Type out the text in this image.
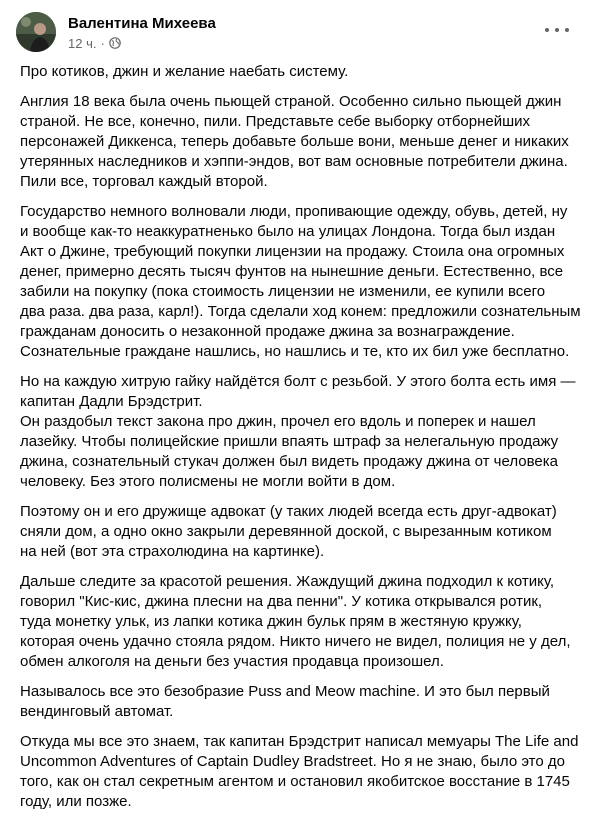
Валентина Михеева
12 ч. ·
Про котиков, джин и желание наебать систему.
Англия 18 века была очень пьющей страной. Особенно сильно пьющей джин
страной. Не все, конечно, пили. Представьте себе выборку отборнейших
персонажей Диккенса, теперь добавьте больше вони, меньше денег и никаких
утерянных наследников и хэппи-эндов, вот вам основные потребители джина.
Пили все, торговал каждый второй.
Государство немного волновали люди, пропивающие одежду, обувь, детей, ну
и вообще как-то неаккуратненько было на улицах Лондона. Тогда был издан
Акт о Джине, требующий покупки лицензии на продажу. Стоила она огромных
денег, примерно десять тысяч фунтов на нынешние деньги. Естественно, все
забили на покупку (пока стоимость лицензии не изменили, ее купили всего
два раза. два раза, карл!). Тогда сделали ход конем: предложили сознательным
гражданам доносить о незаконной продаже джина за вознаграждение.
Сознательные граждане нашлись, но нашлись и те, кто их бил уже бесплатно.
Но на каждую хитрую гайку найдётся болт с резьбой. У этого болта есть имя —
капитан Дадли Брэдстрит.
Он раздобыл текст закона про джин, прочел его вдоль и поперек и нашел
лазейку. Чтобы полицейские пришли впаять штраф за нелегальную продажу
джина, сознательный стукач должен был видеть продажу джина от человека
человеку. Без этого полисмены не могли войти в дом.
Поэтому он и его дружище адвокат (у таких людей всегда есть друг-адвокат)
сняли дом, а одно окно закрыли деревянной доской, с вырезанным котиком
на ней (вот эта страхолюдина на картинке).
Дальше следите за красотой решения. Жаждущий джина подходил к котику,
говорил "Кис-кис, джина плесни на два пенни". У котика открывался ротик,
туда монетку ульк, из лапки котика джин бульк прям в жестяную кружку,
которая очень удачно стояла рядом. Никто ничего не видел, полиция не у дел,
обмен алкоголя на деньги без участия продавца произошел.
Называлось все это безобразие Puss and Meow machine. И это был первый
вендинговый автомат.
Откуда мы все это знаем, так капитан Брэдстрит написал мемуары The Life and
Uncommon Adventures of Captain Dudley Bradstreet. Но я не знаю, было это до
того, как он стал секретным агентом и остановил якобитское восстание в 1745
году, или позже.
